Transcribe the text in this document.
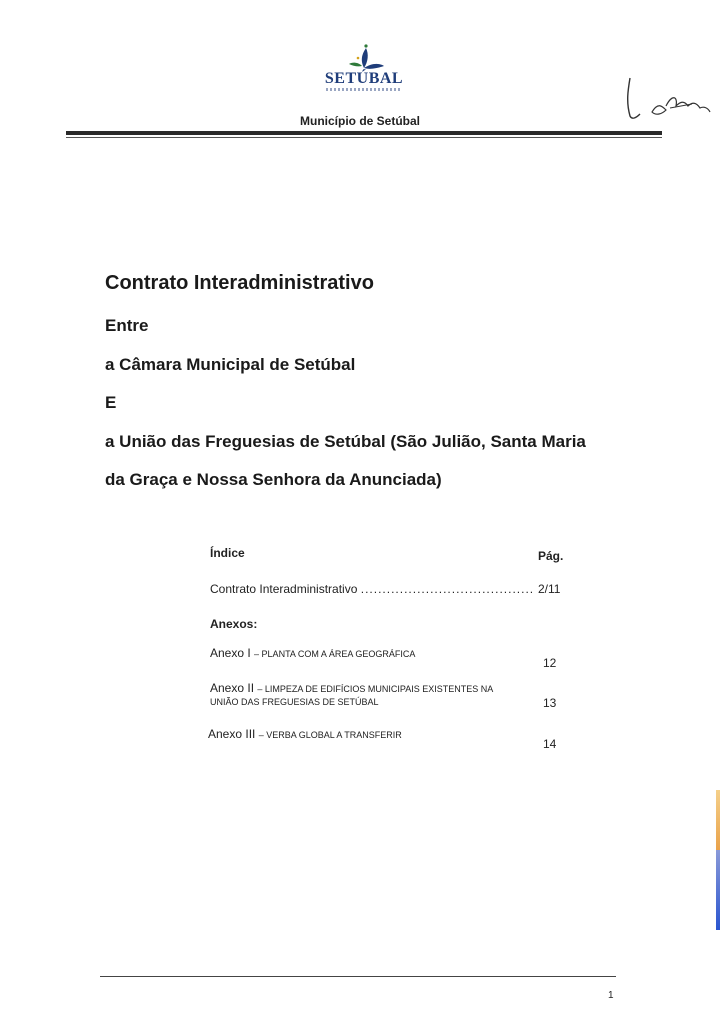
SETÚBAL
Município de Setúbal
Contrato Interadministrativo
Entre
a Câmara Municipal de Setúbal
E
a União das Freguesias de Setúbal (São Julião, Santa Maria
da Graça e Nossa Senhora da Anunciada)
Índice	Pág.
Contrato Interadministrativo ........................................ 2/11
Anexos:
Anexo I – PLANTA COM A ÁREA GEOGRÁFICA
12
Anexo II – LIMPEZA DE EDIFÍCIOS MUNICIPAIS EXISTENTES NA
UNIÃO DAS FREGUESIAS DE SETÚBAL	13
Anexo III – VERBA GLOBAL A TRANSFERIR
14
1
